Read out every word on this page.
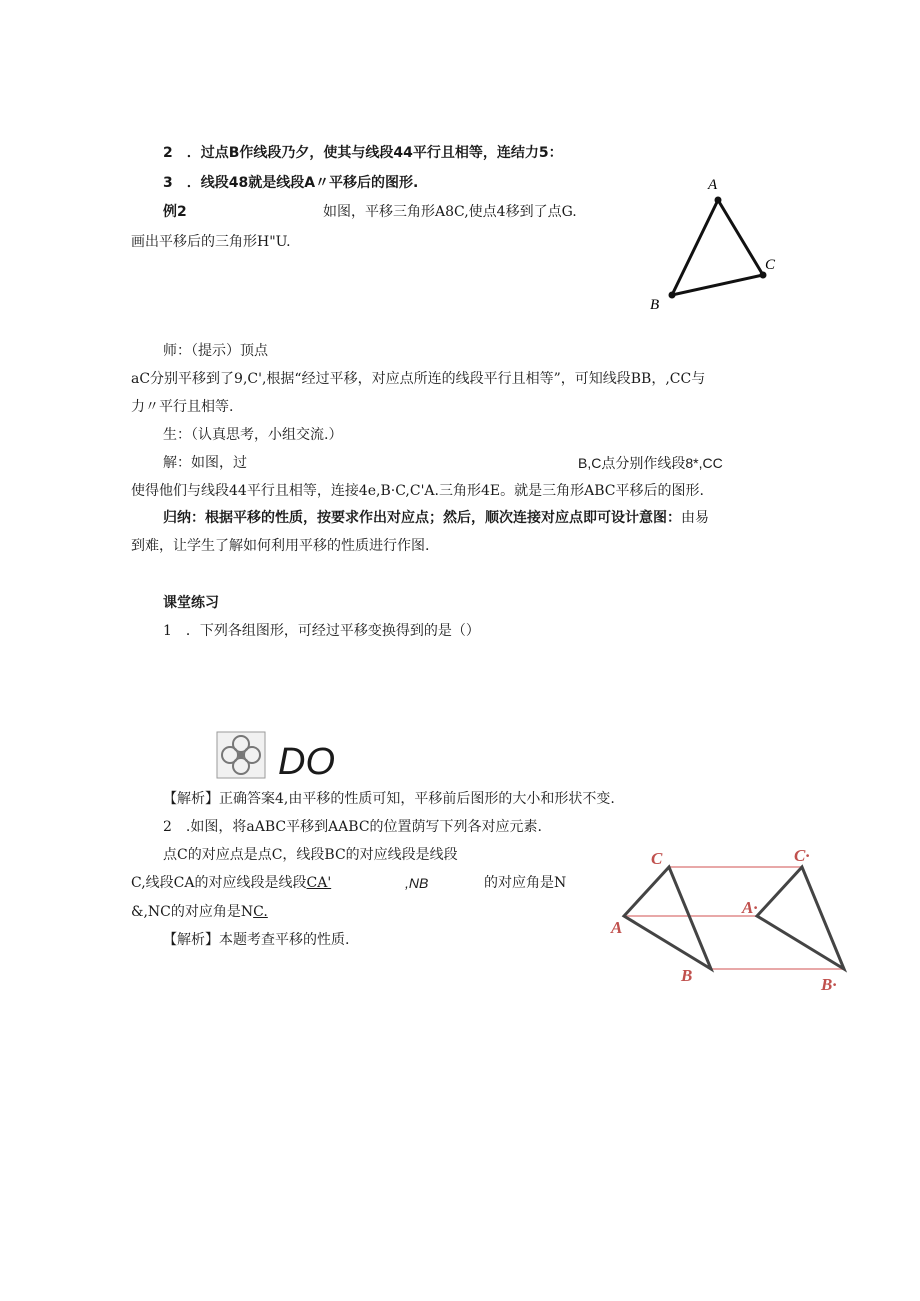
2　．过点B作线段乃夕，使其与线段44平行且相等，连结力5：
3　．线段48就是线段A〃平移后的图形.
例2	如图，平移三角形A8C,使点4移到了点G.
画出平移后的三角形H"U.
A
B
C
师：（提示）顶点
aC分别平移到了9,C',根据“经过平移，对应点所连的线段平行且相等”，可知线段BB，,CC与
力〃平行且相等.
生：（认真思考，小组交流.）
解：如图，过	B,C点分别作线段8*,CC
使得他们与线段44平行且相等，连接4e,B·C,C'A.三角形4E。就是三角形ABC平移后的图形.
归纳：根据平移的性质，按要求作出对应点；然后，顺次连接对应点即可设计意图：由易
到难，让学生了解如何利用平移的性质进行作图.
课堂练习
1　．下列各组图形，可经过平移变换得到的是（）
DO
【解析】正确答案4,由平移的性质可知，平移前后图形的大小和形状不变.
2　.如图，将aABC平移到AABC的位置荫写下列各对应元素.
点C的对应点是点C，线段BC的对应线段是线段
C,线段CA的对应线段是线段CA'	,NB	的对应角是N
&,NC的对应角是NC.
【解析】本题考查平移的性质.
C	C·
A
A·
B	B·
